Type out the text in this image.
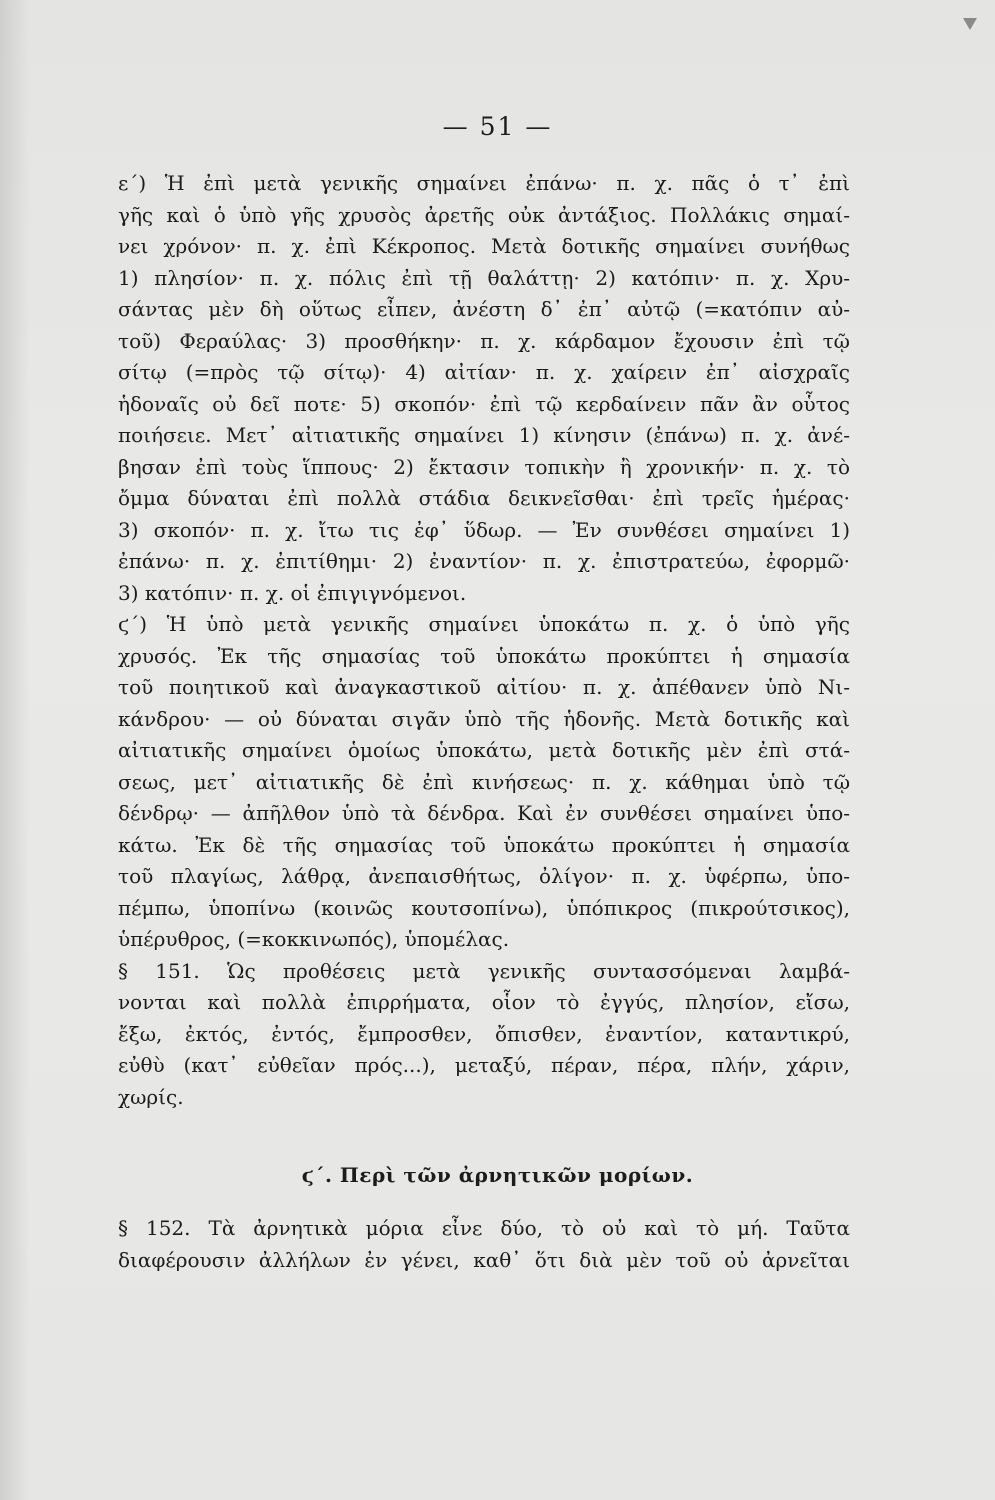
— 51 —
ε΄) Ἡ ἐπὶ μετὰ γενικῆς σημαίνει ἐπάνω· π. χ. πᾶς ὁ τ᾽ ἐπὶ
γῆς καὶ ὁ ὑπὸ γῆς χρυσὸς ἀρετῆς οὐκ ἀντάξιος. Πολλάκις σημαί-
νει χρόνον· π. χ. ἐπὶ Κέκροπος. Μετὰ δοτικῆς σημαίνει συνήθως
1) πλησίον· π. χ. πόλις ἐπὶ τῇ θαλάττῃ· 2) κατόπιν· π. χ. Χρυ-
σάντας μὲν δὴ οὕτως εἶπεν, ἀνέστη δ᾽ ἐπ᾽ αὐτῷ (=κατόπιν αὐ-
τοῦ) Φεραύλας· 3) προσθήκην· π. χ. κάρδαμον ἔχουσιν ἐπὶ τῷ
σίτῳ (=πρὸς τῷ σίτῳ)· 4) αἰτίαν· π. χ. χαίρειν ἐπ᾽ αἰσχραῖς
ἡδοναῖς οὐ δεῖ ποτε· 5) σκοπόν· ἐπὶ τῷ κερδαίνειν πᾶν ἂν οὗτος
ποιήσειε. Μετ᾽ αἰτιατικῆς σημαίνει 1) κίνησιν (ἐπάνω) π. χ. ἀνέ-
βησαν ἐπὶ τοὺς ἵππους· 2) ἔκτασιν τοπικὴν ἢ χρονικήν· π. χ. τὸ
ὄμμα δύναται ἐπὶ πολλὰ στάδια δεικνεῖσθαι· ἐπὶ τρεῖς ἡμέρας·
3) σκοπόν· π. χ. ἴτω τις ἐφ᾽ ὕδωρ. — Ἐν συνθέσει σημαίνει 1)
ἐπάνω· π. χ. ἐπιτίθημι· 2) ἐναντίον· π. χ. ἐπιστρατεύω, ἐφορμῶ·
3) κατόπιν· π. χ. οἱ ἐπιγιγνόμενοι.
ϛ΄) Ἡ ὑπὸ μετὰ γενικῆς σημαίνει ὑποκάτω π. χ. ὁ ὑπὸ γῆς
χρυσός. Ἐκ τῆς σημασίας τοῦ ὑποκάτω προκύπτει ἡ σημασία
τοῦ ποιητικοῦ καὶ ἀναγκαστικοῦ αἰτίου· π. χ. ἀπέθανεν ὑπὸ Νι-
κάνδρου· — οὐ δύναται σιγᾶν ὑπὸ τῆς ἡδονῆς. Μετὰ δοτικῆς καὶ
αἰτιατικῆς σημαίνει ὁμοίως ὑποκάτω, μετὰ δοτικῆς μὲν ἐπὶ στά-
σεως, μετ᾽ αἰτιατικῆς δὲ ἐπὶ κινήσεως· π. χ. κάθημαι ὑπὸ τῷ
δένδρῳ· — ἀπῆλθον ὑπὸ τὰ δένδρα. Καὶ ἐν συνθέσει σημαίνει ὑπο-
κάτω. Ἐκ δὲ τῆς σημασίας τοῦ ὑποκάτω προκύπτει ἡ σημασία
τοῦ πλαγίως, λάθρᾳ, ἀνεπαισθήτως, ὀλίγον· π. χ. ὑφέρπω, ὑπο-
πέμπω, ὑποπίνω (κοινῶς κουτσοπίνω), ὑπόπικρος (πικρούτσικος),
ὑπέρυθρος, (=κοκκινωπός), ὑπομέλας.
§ 151. Ὡς προθέσεις μετὰ γενικῆς συντασσόμεναι λαμβά-
νονται καὶ πολλὰ ἐπιρρήματα, οἷον τὸ ἐγγύς, πλησίον, εἴσω,
ἔξω, ἐκτός, ἐντός, ἔμπροσθεν, ὄπισθεν, ἐναντίον, καταντικρύ,
εὐθὺ (κατ᾽ εὐθεῖαν πρός...), μεταξύ, πέραν, πέρα, πλήν, χάριν,
χωρίς.
ϛ΄. Περὶ τῶν ἀρνητικῶν μορίων.
§ 152. Τὰ ἀρνητικὰ μόρια εἶνε δύο, τὸ οὐ καὶ τὸ μή. Ταῦτα
διαφέρουσιν ἀλλήλων ἐν γένει, καθ᾽ ὅτι διὰ μὲν τοῦ οὐ ἀρνεῖται
